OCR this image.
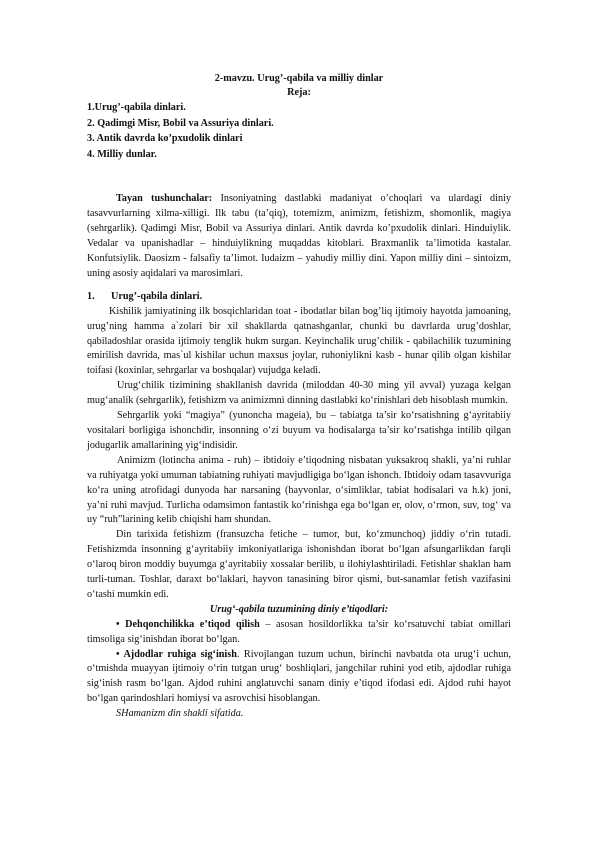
2-mavzu. Urug’-qabila va milliy dinlar
Reja:
1.Urug’-qabila dinlari.
2. Qadimgi Misr, Bobil va Assuriya dinlari.
3. Antik davrda ko’pxudolik dinlari
4. Milliy dunlar.

Tayan tushunchalar: Insoniyatning dastlabki madaniyat o’choqlari va ulardagi diniy tasavvurlarning xilma-xilligi. Ilk tabu (ta’qiq), totemizm, animizm, fetishizm, shomonlik, magiya (sehrgarlik). Qadimgi Misr, Bobil va Assuriya dinlari. Antik davrda ko’pxudolik dinlari. Hinduiylik. Vedalar va upanishadlar – hinduiylikning muqaddas kitoblari. Braxmanlik ta’limotida kastalar. Konfutsiylik. Daosizm - falsafiy ta’limot. Iudaizm – yahudiy milliy dini. Yapon milliy dini – sintoizm, uning asosiy aqidalari va marosimlari.

1. Urug’-qabila dinlari.

Kishilik jamiyatining ilk bosqichlaridan toat - ibodatlar bilan bog’liq ijtimoiy hayotda jamoaning, urug’ning hamma a`zolari bir xil shakllarda qatnashganlar, chunki bu davrlarda urug’doshlar, qabiladoshlar orasida ijtimoiy tenglik hukm surgan. Keyinchalik urug’chilik - qabilachilik tuzumining emirilish davrida, mas`ul kishilar uchun maxsus joylar, ruhoniylikni kasb - hunar qilib olgan kishilar toifasi (koxinlar, sehrgarlar va boshqalar) vujudga keladi.

Urug‘chilik tizimining shakllanish davrida (miloddan 40-30 ming yil avval) yuzaga kelgan mug‘analik (sehrgarlik), fetishizm va animizmni dinning dastlabki ko‘rinishlari deb hisoblash mumkin.

Sehrgarlik yoki “magiya” (yunoncha mageia), bu – tabiatga ta’sir ko‘rsatishning g‘ayritabiiy vositalari borligiga ishonchdir, insonning o‘zi buyum va hodisalarga ta’sir ko‘rsatishga intilib qilgan jodugarlik amallarining yig‘indisidir.

Animizm (lotincha anima - ruh) – ibtidoiy e’tiqodning nisbatan yuksakroq shakli, ya’ni ruhlar va ruhiyatga yoki umuman tabiatning ruhiyati mavjudligiga bo‘lgan ishonch. Ibtidoiy odam tasavvuriga ko‘ra uning atrofidagi dunyoda har narsaning (hayvonlar, o‘simliklar, tabiat hodisalari va h.k) joni, ya’ni ruhi mavjud. Turlicha odamsimon fantastik ko‘rinishga ega bo‘lgan er, olov, o‘rmon, suv, tog‘ va uy “ruh”larining kelib chiqishi ham shundan.

Din tarixida fetishizm (fransuzcha fetiche – tumor, but, ko‘zmunchoq) jiddiy o‘rin tutadi. Fetishizmda insonning g‘ayritabiiy imkoniyatlariga ishonishdan iborat bo‘lgan afsungarlikdan farqli o‘laroq biron moddiy buyumga g‘ayritabiiy xossalar berilib, u ilohiylashtiriladi. Fetishlar shaklan ham turli-tuman. Toshlar, daraxt bo‘laklari, hayvon tanasining biror qismi, but-sanamlar fetish vazifasini o‘tashi mumkin edi.

Urug‘-qabila tuzumining diniy e’tiqodlari:

• Dehqonchilikka e’tiqod qilish – asosan hosildorlikka ta’sir ko‘rsatuvchi tabiat omillari timsoliga sig‘inishdan iborat bo‘lgan.

• Ajdodlar ruhiga sig‘inish. Rivojlangan tuzum uchun, birinchi navbatda ota urug‘i uchun, o‘tmishda muayyan ijtimoiy o‘rin tutgan urug‘ boshliqlari, jangchilar ruhini yod etib, ajdodlar ruhiga sig‘inish rasm bo‘lgan. Ajdod ruhini anglatuvchi sanam diniy e’tiqod ifodasi edi. Ajdod ruhi hayot bo‘lgan qarindoshlari homiysi va asrovchisi hisoblangan.

SHamanizm din shakli sifatida.
